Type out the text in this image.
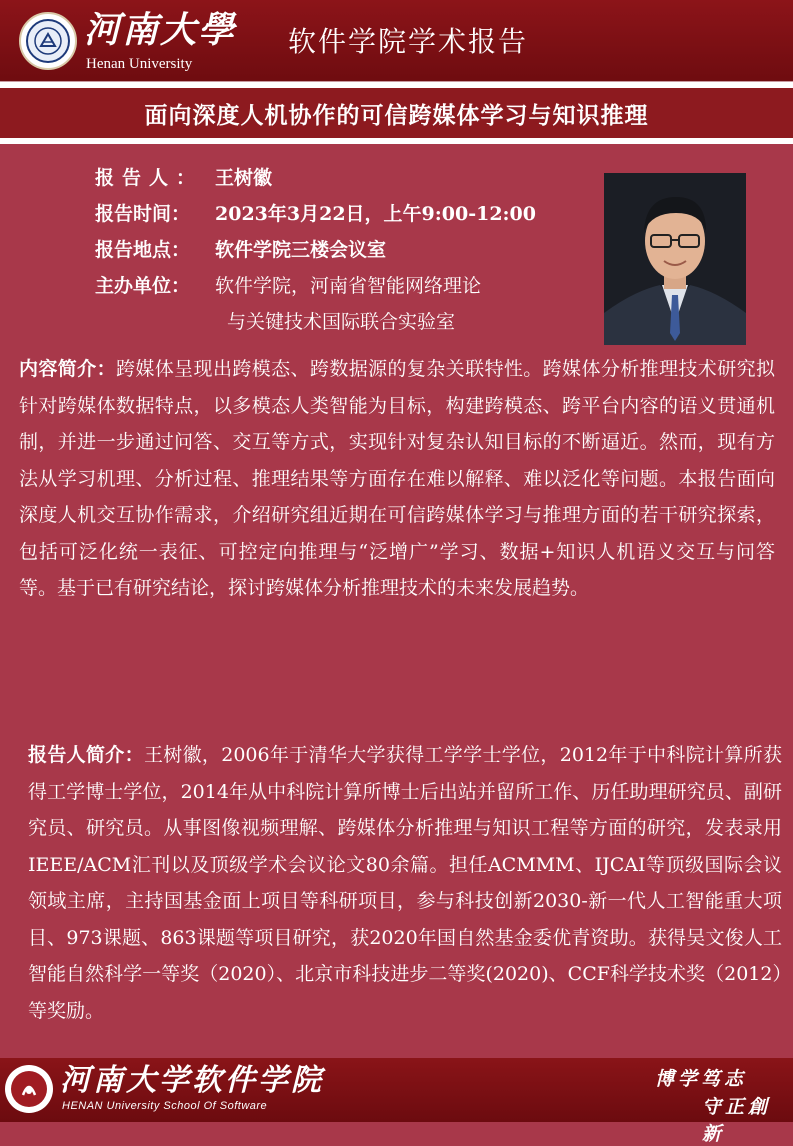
河南大學
Henan University
软件学院学术报告
面向深度人机协作的可信跨媒体学习与知识推理
报告人： 王树徽
报告时间：	2023年3月22日，上午9:00-12:00
报告地点：	软件学院三楼会议室
主办单位：	软件学院，河南省智能网络理论
与关键技术国际联合实验室
内容简介：跨媒体呈现出跨模态、跨数据源的复杂关联特性。跨媒体分析推理技术研究拟针对跨媒体数据特点，以多模态人类智能为目标，构建跨模态、跨平台内容的语义贯通机制，并进一步通过问答、交互等方式，实现针对复杂认知目标的不断逼近。然而，现有方法从学习机理、分析过程、推理结果等方面存在难以解释、难以泛化等问题。本报告面向深度人机交互协作需求，介绍研究组近期在可信跨媒体学习与推理方面的若干研究探索，包括可泛化统一表征、可控定向推理与“泛增广”学习、数据+知识人机语义交互与问答等。基于已有研究结论，探讨跨媒体分析推理技术的未来发展趋势。
报告人简介：王树徽，2006年于清华大学获得工学学士学位，2012年于中科院计算所获得工学博士学位，2014年从中科院计算所博士后出站并留所工作、历任助理研究员、副研究员、研究员。从事图像视频理解、跨媒体分析推理与知识工程等方面的研究，发表录用IEEE/ACM汇刊以及顶级学术会议论文80余篇。担任ACMMM、IJCAI等顶级国际会议领域主席，主持国基金面上项目等科研项目，参与科技创新2030-新一代人工智能重大项目、973课题、863课题等项目研究，获2020年国自然基金委优青资助。获得吴文俊人工智能自然科学一等奖（2020）、北京市科技进步二等奖(2020)、CCF科学技术奖（2012）等奖励。
河南大学软件学院
HENAN University School Of Software
博学笃志
守正創新
